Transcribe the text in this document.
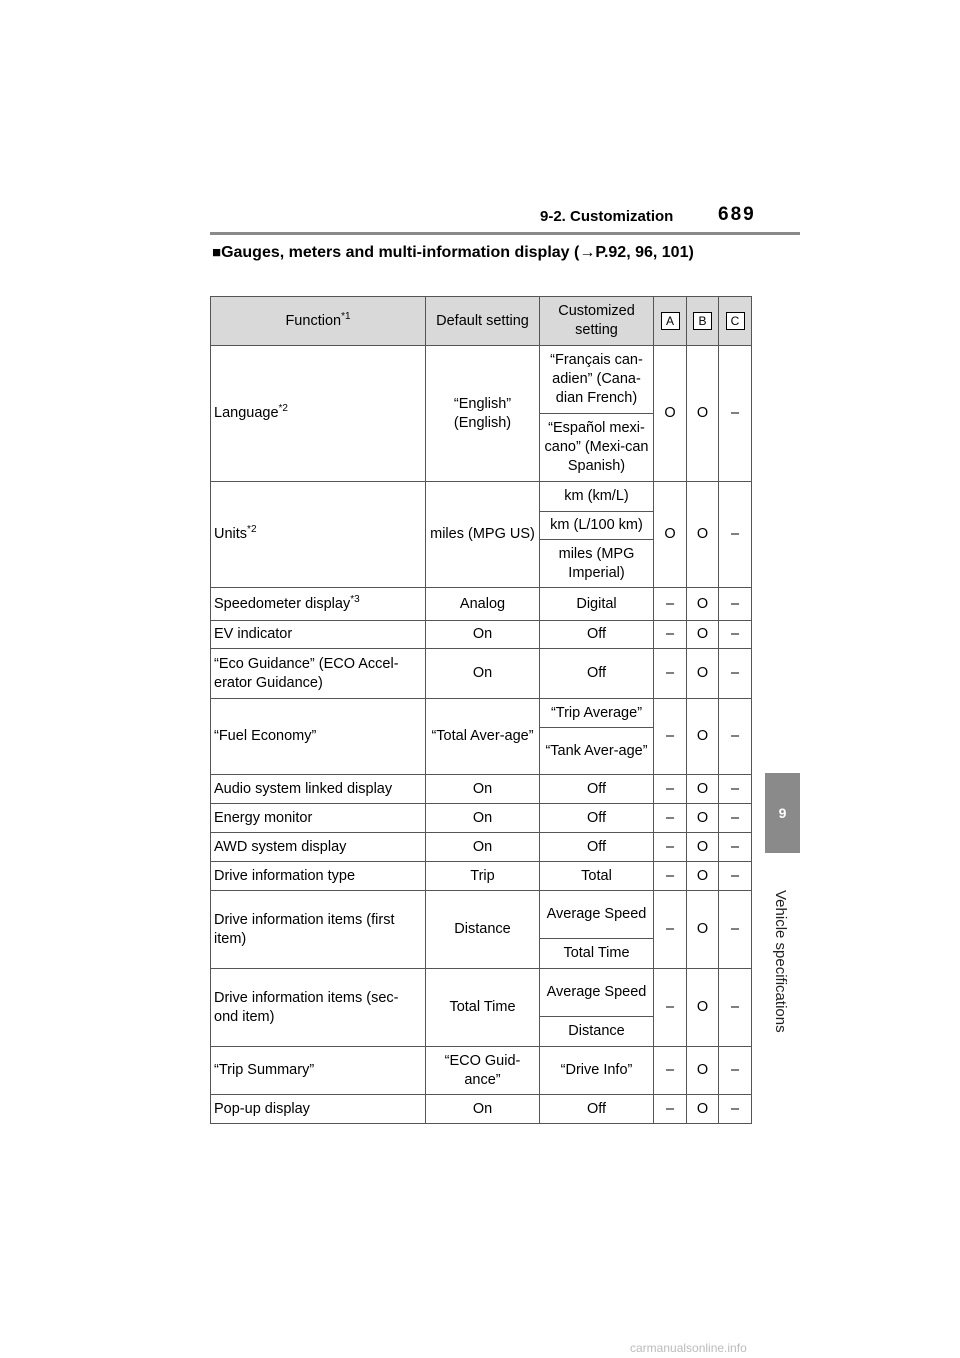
9-2. Customization 689
9
Vehicle specifications
■Gauges, meters and multi-information display (→P.92, 96, 101)
Function$^{*1}$	Default setting	Customized setting	A	B	C
Language$^{*2}$	“English” (English)	“Français can-adien” (Cana-dian French)	O	O	–
		“Español mexi-cano” (Mexi-can Spanish)			
Units$^{*2}$	miles (MPG US)	km (km/L)	O	O	–
		km (L/100 km)			
		miles (MPG Imperial)			
Speedometer display$^{*3}$	Analog	Digital	–	O	–
EV indicator	On	Off	–	O	–
“Eco Guidance” (ECO Accel-erator Guidance)	On	Off	–	O	–
“Fuel Economy”	“Total Aver-age”	“Trip Average”	–	O	–
		“Tank Aver-age”			
Audio system linked display	On	Off	–	O	–
Energy monitor	On	Off	–	O	–
AWD system display	On	Off	–	O	–
Drive information type	Trip	Total	–	O	–
Drive information items (first item)	Distance	Average Speed	–	O	–
		Total Time			
Drive information items (sec-ond item)	Total Time	Average Speed	–	O	–
		Distance			
“Trip Summary”	“ECO Guid-ance”	“Drive Info”	–	O	–
Pop-up display	On	Off	–	O	–
carmanualsonline.info
